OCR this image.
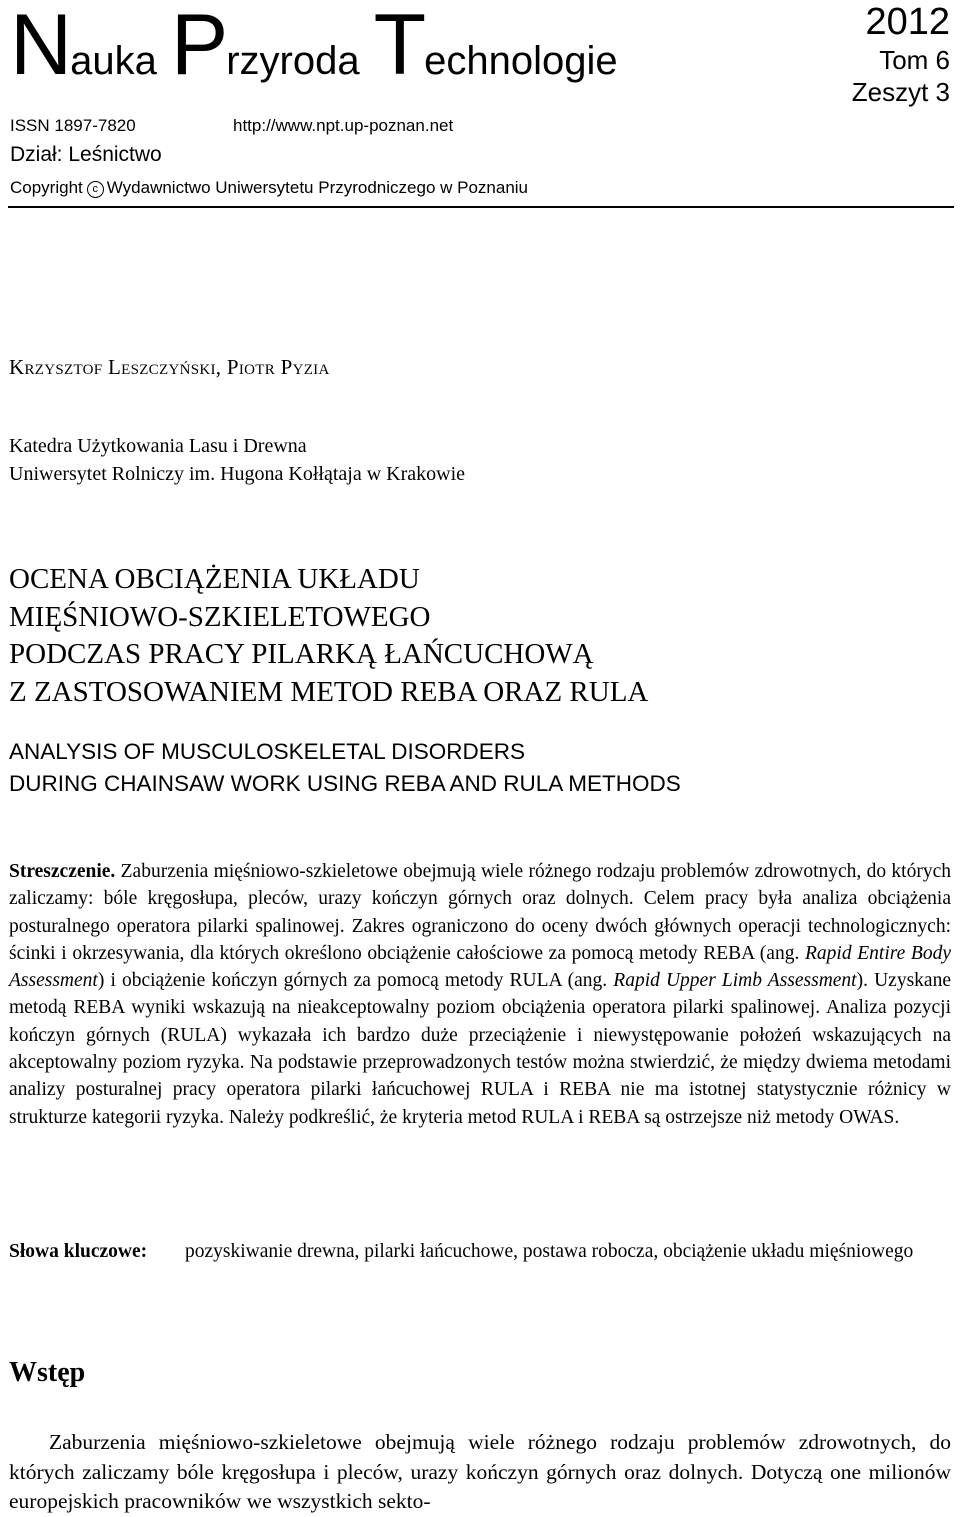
Nauka Przyroda Technologie
2012
Tom 6
Zeszyt 3
ISSN 1897-7820	http://www.npt.up-poznan.net
Dział: Leśnictwo
Copyright c Wydawnictwo Uniwersytetu Przyrodniczego w Poznaniu
Krzysztof Leszczyński, Piotr Pyzia
Katedra Użytkowania Lasu i Drewna
Uniwersytet Rolniczy im. Hugona Kołłątaja w Krakowie
OCENA OBCIĄŻENIA UKŁADU
MIĘŚNIOWO-SZKIELETOWEGO
PODCZAS PRACY PILARKĄ ŁAŃCUCHOWĄ
Z ZASTOSOWANIEM METOD REBA ORAZ RULA
ANALYSIS OF MUSCULOSKELETAL DISORDERS
DURING CHAINSAW WORK USING REBA AND RULA METHODS

Streszczenie. Zaburzenia mięśniowo-szkieletowe obejmują wiele różnego rodzaju problemów zdrowotnych, do których zaliczamy: bóle kręgosłupa, pleców, urazy kończyn górnych oraz dolnych. Celem pracy była analiza obciążenia posturalnego operatora pilarki spalinowej. Zakres ograniczono do oceny dwóch głównych operacji technologicznych: ścinki i okrzesywania, dla których określono obciążenie całościowe za pomocą metody REBA (ang. Rapid Entire Body Assessment) i obciążenie kończyn górnych za pomocą metody RULA (ang. Rapid Upper Limb Assessment). Uzyskane metodą REBA wyniki wskazują na nieakceptowalny poziom obciążenia operatora pilarki spalinowej. Analiza pozycji kończyn górnych (RULA) wykazała ich bardzo duże przeciążenie i niewystępowanie położeń wskazujących na akceptowalny poziom ryzyka. Na podstawie przeprowadzonych testów można stwierdzić, że między dwiema metodami analizy posturalnej pracy operatora pilarki łańcuchowej RULA i REBA nie ma istotnej statystycznie różnicy w strukturze kategorii ryzyka. Należy podkreślić, że kryteria metod RULA i REBA są ostrzejsze niż metody OWAS.

Słowa kluczowe:	pozyskiwanie drewna, pilarki łańcuchowe, postawa robocza, obciążenie układu mięśniowego
Wstęp

Zaburzenia mięśniowo-szkieletowe obejmują wiele różnego rodzaju problemów zdrowotnych, do których zaliczamy bóle kręgosłupa i pleców, urazy kończyn górnych oraz dolnych. Dotyczą one milionów europejskich pracowników we wszystkich sekto-
